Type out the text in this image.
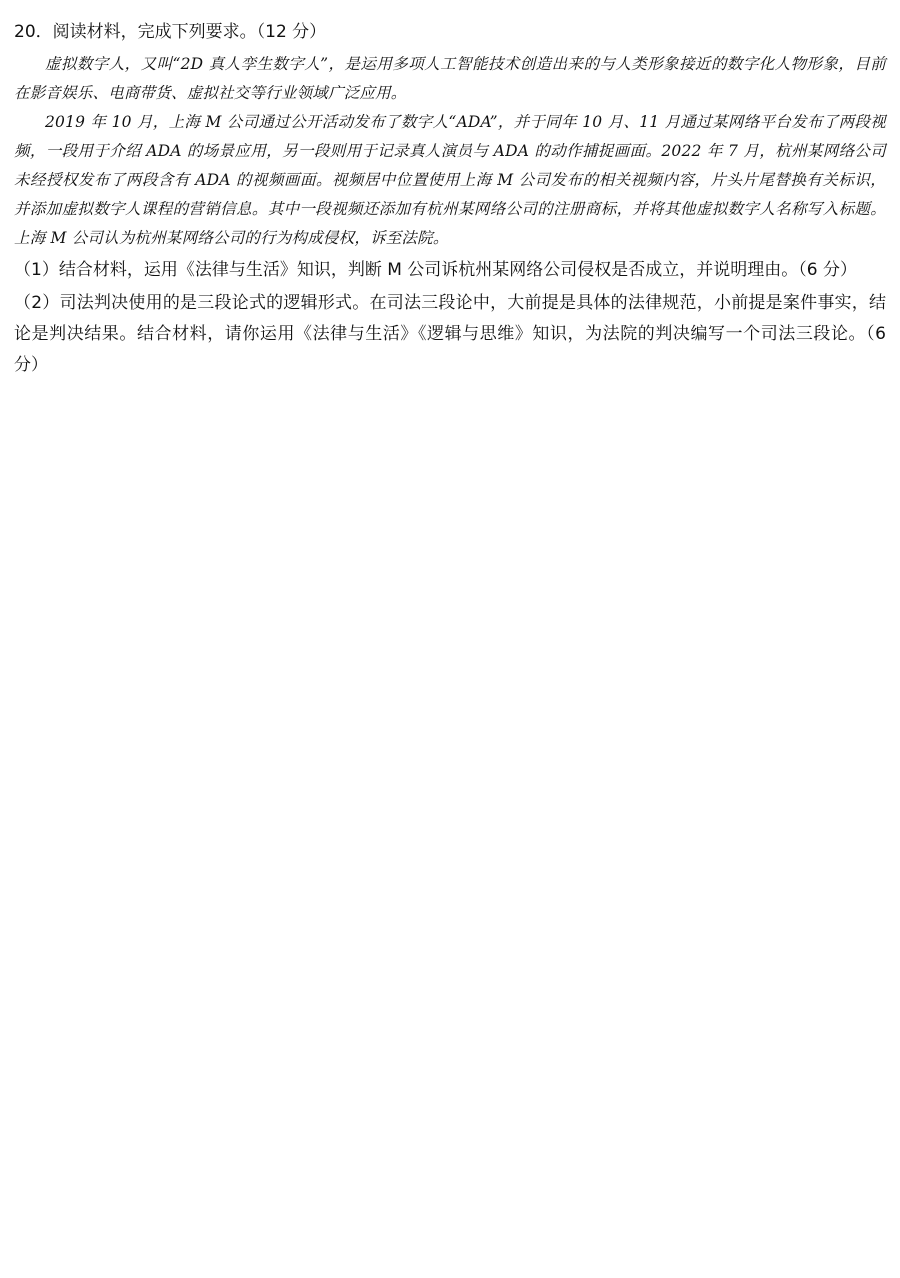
20．阅读材料，完成下列要求。（12 分）

虚拟数字人，又叫“2D 真人孪生数字人”，是运用多项人工智能技术创造出来的与人类形象接近的数字化人物形象，目前在影音娱乐、电商带货、虚拟社交等行业领域广泛应用。

2019 年 10 月，上海 M 公司通过公开活动发布了数字人“ADA”，并于同年 10 月、11 月通过某网络平台发布了两段视频，一段用于介绍 ADA 的场景应用，另一段则用于记录真人演员与 ADA 的动作捕捉画面。2022 年 7 月，杭州某网络公司未经授权发布了两段含有 ADA 的视频画面。视频居中位置使用上海 M 公司发布的相关视频内容，片头片尾替换有关标识，并添加虚拟数字人课程的营销信息。其中一段视频还添加有杭州某网络公司的注册商标，并将其他虚拟数字人名称写入标题。上海 M 公司认为杭州某网络公司的行为构成侵权，诉至法院。

（1）结合材料，运用《法律与生活》知识，判断 M 公司诉杭州某网络公司侵权是否成立，并说明理由。（6 分）
（2）司法判决使用的是三段论式的逻辑形式。在司法三段论中，大前提是具体的法律规范，小前提是案件事实，结论是判决结果。结合材料，请你运用《法律与生活》《逻辑与思维》知识，为法院的判决编写一个司法三段论。（6 分）
